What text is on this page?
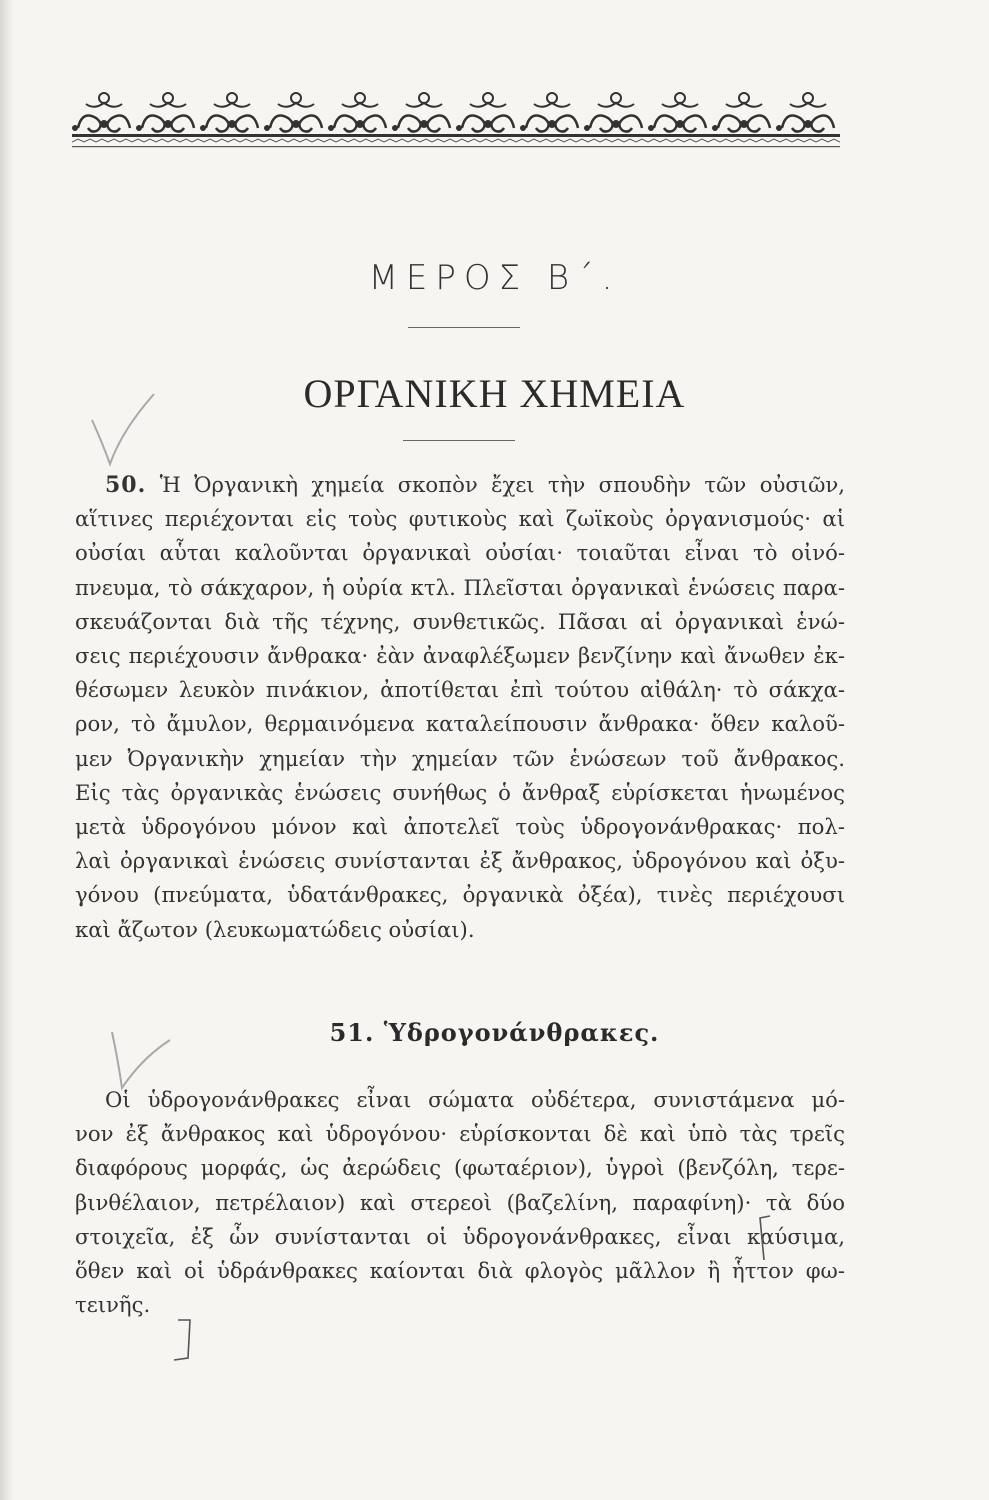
ΜΕΡΟΣ Β΄.
ΟΡΓΑΝΙΚΗ ΧΗΜΕΙΑ
50. Ἡ Ὀργανικὴ χημεία σκοπὸν ἔχει τὴν σπουδὴν τῶν οὐσιῶν,
αἵτινες περιέχονται εἰς τοὺς φυτικοὺς καὶ ζωϊκοὺς ὀργανισμούς· αἱ
οὐσίαι αὗται καλοῦνται ὀργανικαὶ οὐσίαι· τοιαῦται εἶναι τὸ οἰνό-
πνευμα, τὸ σάκχαρον, ἡ οὐρία κτλ. Πλεῖσται ὀργανικαὶ ἑνώσεις παρα-
σκευάζονται διὰ τῆς τέχνης, συνθετικῶς. Πᾶσαι αἱ ὀργανικαὶ ἑνώ-
σεις περιέχουσιν ἄνθρακα· ἐὰν ἀναφλέξωμεν βενζίνην καὶ ἄνωθεν ἐκ-
θέσωμεν λευκὸν πινάκιον, ἀποτίθεται ἐπὶ τούτου αἰθάλη· τὸ σάκχα-
ρον, τὸ ἄμυλον, θερμαινόμενα καταλείπουσιν ἄνθρακα· ὅθεν καλοῦ-
μεν Ὀργανικὴν χημείαν τὴν χημείαν τῶν ἑνώσεων τοῦ ἄνθρακος.
Εἰς τὰς ὀργανικὰς ἑνώσεις συνήθως ὁ ἄνθραξ εὑρίσκεται ἡνωμένος
μετὰ ὑδρογόνου μόνον καὶ ἀποτελεῖ τοὺς ὑδρογονάνθρακας· πολ-
λαὶ ὀργανικαὶ ἑνώσεις συνίστανται ἐξ ἄνθρακος, ὑδρογόνου καὶ ὀξυ-
γόνου (πνεύματα, ὑδατάνθρακες, ὀργανικὰ ὀξέα), τινὲς περιέχουσι
καὶ ἄζωτον (λευκωματώδεις οὐσίαι).
51. Ὑδρογονάνθρακες.
Οἱ ὑδρογονάνθρακες εἶναι σώματα οὐδέτερα, συνιστάμενα μό-
νον ἐξ ἄνθρακος καὶ ὑδρογόνου· εὑρίσκονται δὲ καὶ ὑπὸ τὰς τρεῖς
διαφόρους μορφάς, ὡς ἀερώδεις (φωταέριον), ὑγροὶ (βενζόλη, τερε-
βινθέλαιον, πετρέλαιον) καὶ στερεοὶ (βαζελίνη, παραφίνη)· τὰ δύο
στοιχεῖα, ἐξ ὧν συνίστανται οἱ ὑδρογονάνθρακες, εἶναι καύσιμα,
ὅθεν καὶ οἱ ὑδράνθρακες καίονται διὰ φλογὸς μᾶλλον ἢ ἧττον φω-
τεινῆς.
